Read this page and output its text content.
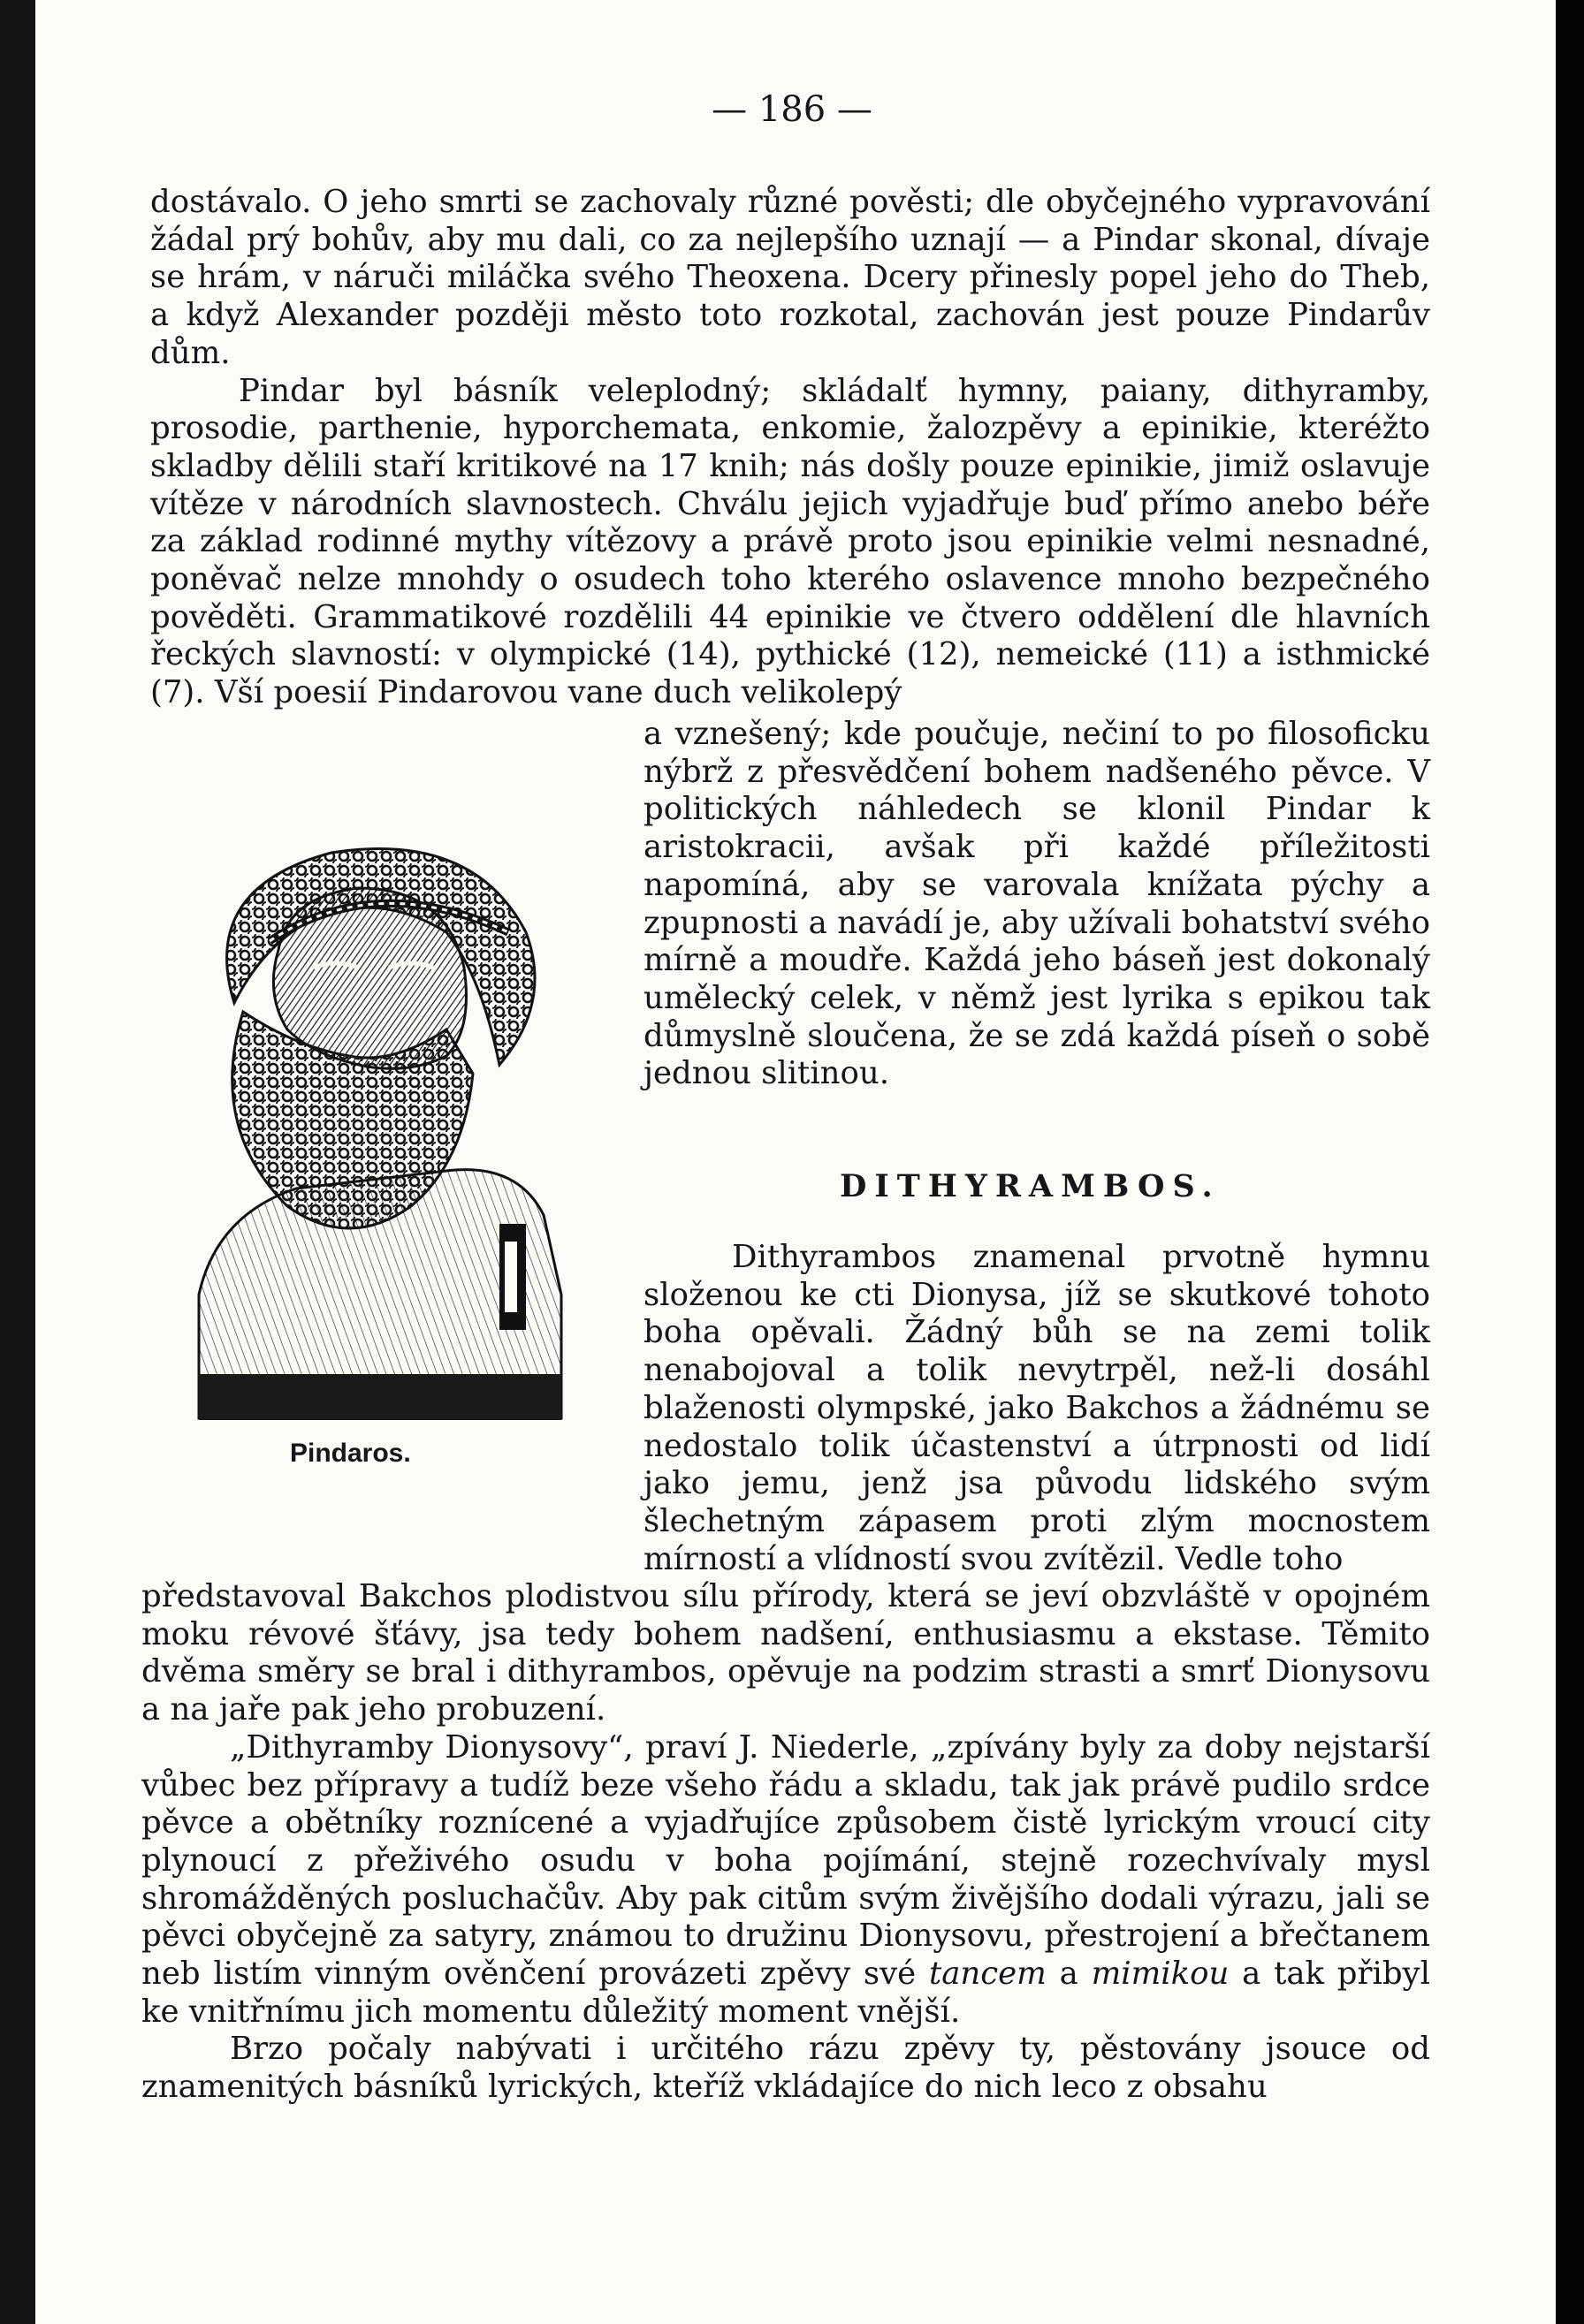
— 186 —

dostávalo. O jeho smrti se zachovaly různé pověsti; dle obyčejného vypravování žádal prý bohův, aby mu dali, co za nejlepšího uznají — a Pindar skonal, dívaje se hrám, v náruči miláčka svého Theoxena. Dcery přinesly popel jeho do Theb, a když Alexander později město toto rozkotal, zachován jest pouze Pindarův dům.

Pindar byl básník veleplodný; skládalť hymny, paiany, dithyramby, prosodie, parthenie, hyporchemata, enkomie, žalozpěvy a epinikie, kteréžto skladby dělili staří kritikové na 17 knih; nás došly pouze epinikie, jimiž oslavuje vítěze v národních slavnostech. Chválu jejich vyjadřuje buď přímo anebo béře za základ rodinné mythy vítězovy a právě proto jsou epinikie velmi nesnadné, poněvač nelze mnohdy o osudech toho kterého oslavence mnoho bezpečného pověděti. Grammatikové rozdělili 44 epinikie ve čtvero oddělení dle hlavních řeckých slavností: v olympické (14), pythické (12), nemeické (11) a isthmické (7). Vší poesií Pindarovou vane duch velikolepý

a vznešený; kde poučuje, nečiní to po filosoficku nýbrž z přesvědčení bohem nadšeného pěvce. V politických náhledech se klonil Pindar k aristokracii, avšak při každé příležitosti napomíná, aby se varovala knížata pýchy a zpupnosti a navádí je, aby užívali bohatství svého mírně a moudře. Každá jeho báseň jest dokonalý umělecký celek, v němž jest lyrika s epikou tak důmyslně sloučena, že se zdá každá píseň o sobě jednou slitinou.

DITHYRAMBOS.

Dithyrambos znamenal prvotně hymnu složenou ke cti Dionysa, jíž se skutkové tohoto boha opěvali. Žádný bůh se na zemi tolik nenabojoval a tolik nevytrpěl, než-li dosáhl blaženosti olympské, jako Bakchos a žádnému se nedostalo tolik účastenství a útrpnosti od lidí jako jemu, jenž jsa původu lidského svým šlechetným zápasem proti zlým mocnostem mírností a vlídností svou zvítězil. Vedle toho

Pindaros.

představoval Bakchos plodistvou sílu přírody, která se jeví obzvláště v opojném moku révové šťávy, jsa tedy bohem nadšení, enthusiasmu a ekstase. Těmito dvěma směry se bral i dithyrambos, opěvuje na podzim strasti a smrť Dionysovu a na jaře pak jeho probuzení.

„Dithyramby Dionysovy“, praví J. Niederle, „zpívány byly za doby nejstarší vůbec bez přípravy a tudíž beze všeho řádu a skladu, tak jak právě pudilo srdce pěvce a obětníky roznícené a vyjadřujíce způsobem čistě lyrickým vroucí city plynoucí z přeživého osudu v boha pojímání, stejně rozechvívaly mysl shromážděných posluchačův. Aby pak citům svým živějšího dodali výrazu, jali se pěvci obyčejně za satyry, známou to družinu Dionysovu, přestrojení a břečtanem neb listím vinným ověnčení provázeti zpěvy své tancem a mimikou a tak přibyl ke vnitřnímu jich momentu důležitý moment vnější.

Brzo počaly nabývati i určitého rázu zpěvy ty, pěstovány jsouce od znamenitých básníků lyrických, kteříž vkládajíce do nich leco z obsahu
